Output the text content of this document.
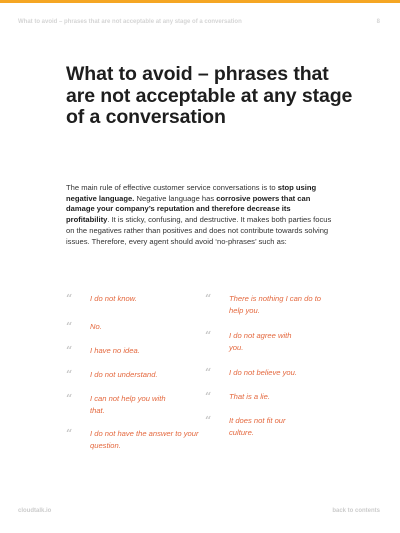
What to avoid – phrases that are not acceptable at any stage of a conversation	8
What to avoid – phrases that are not acceptable at any stage of a conversation

The main rule of effective customer service conversations is to stop using negative language. Negative language has corrosive powers that can damage your company’s reputation and therefore decrease its profitability. It is sticky, confusing, and destructive. It makes both parties focus on the negatives rather than positives and does not contribute towards solving issues. Therefore, every agent should avoid ‘no-phrases’ such as:

“	I do not know.
“	No.
“	I have no idea.
“	I do not understand.
“	I can not help you with that.
“	I do not have the answer to your question.
“	There is nothing I can do to help you.
“	I do not agree with you.
“	I do not believe you.
“	That is a lie.
“	It does not fit our culture.
cloudtalk.io	back to contents
